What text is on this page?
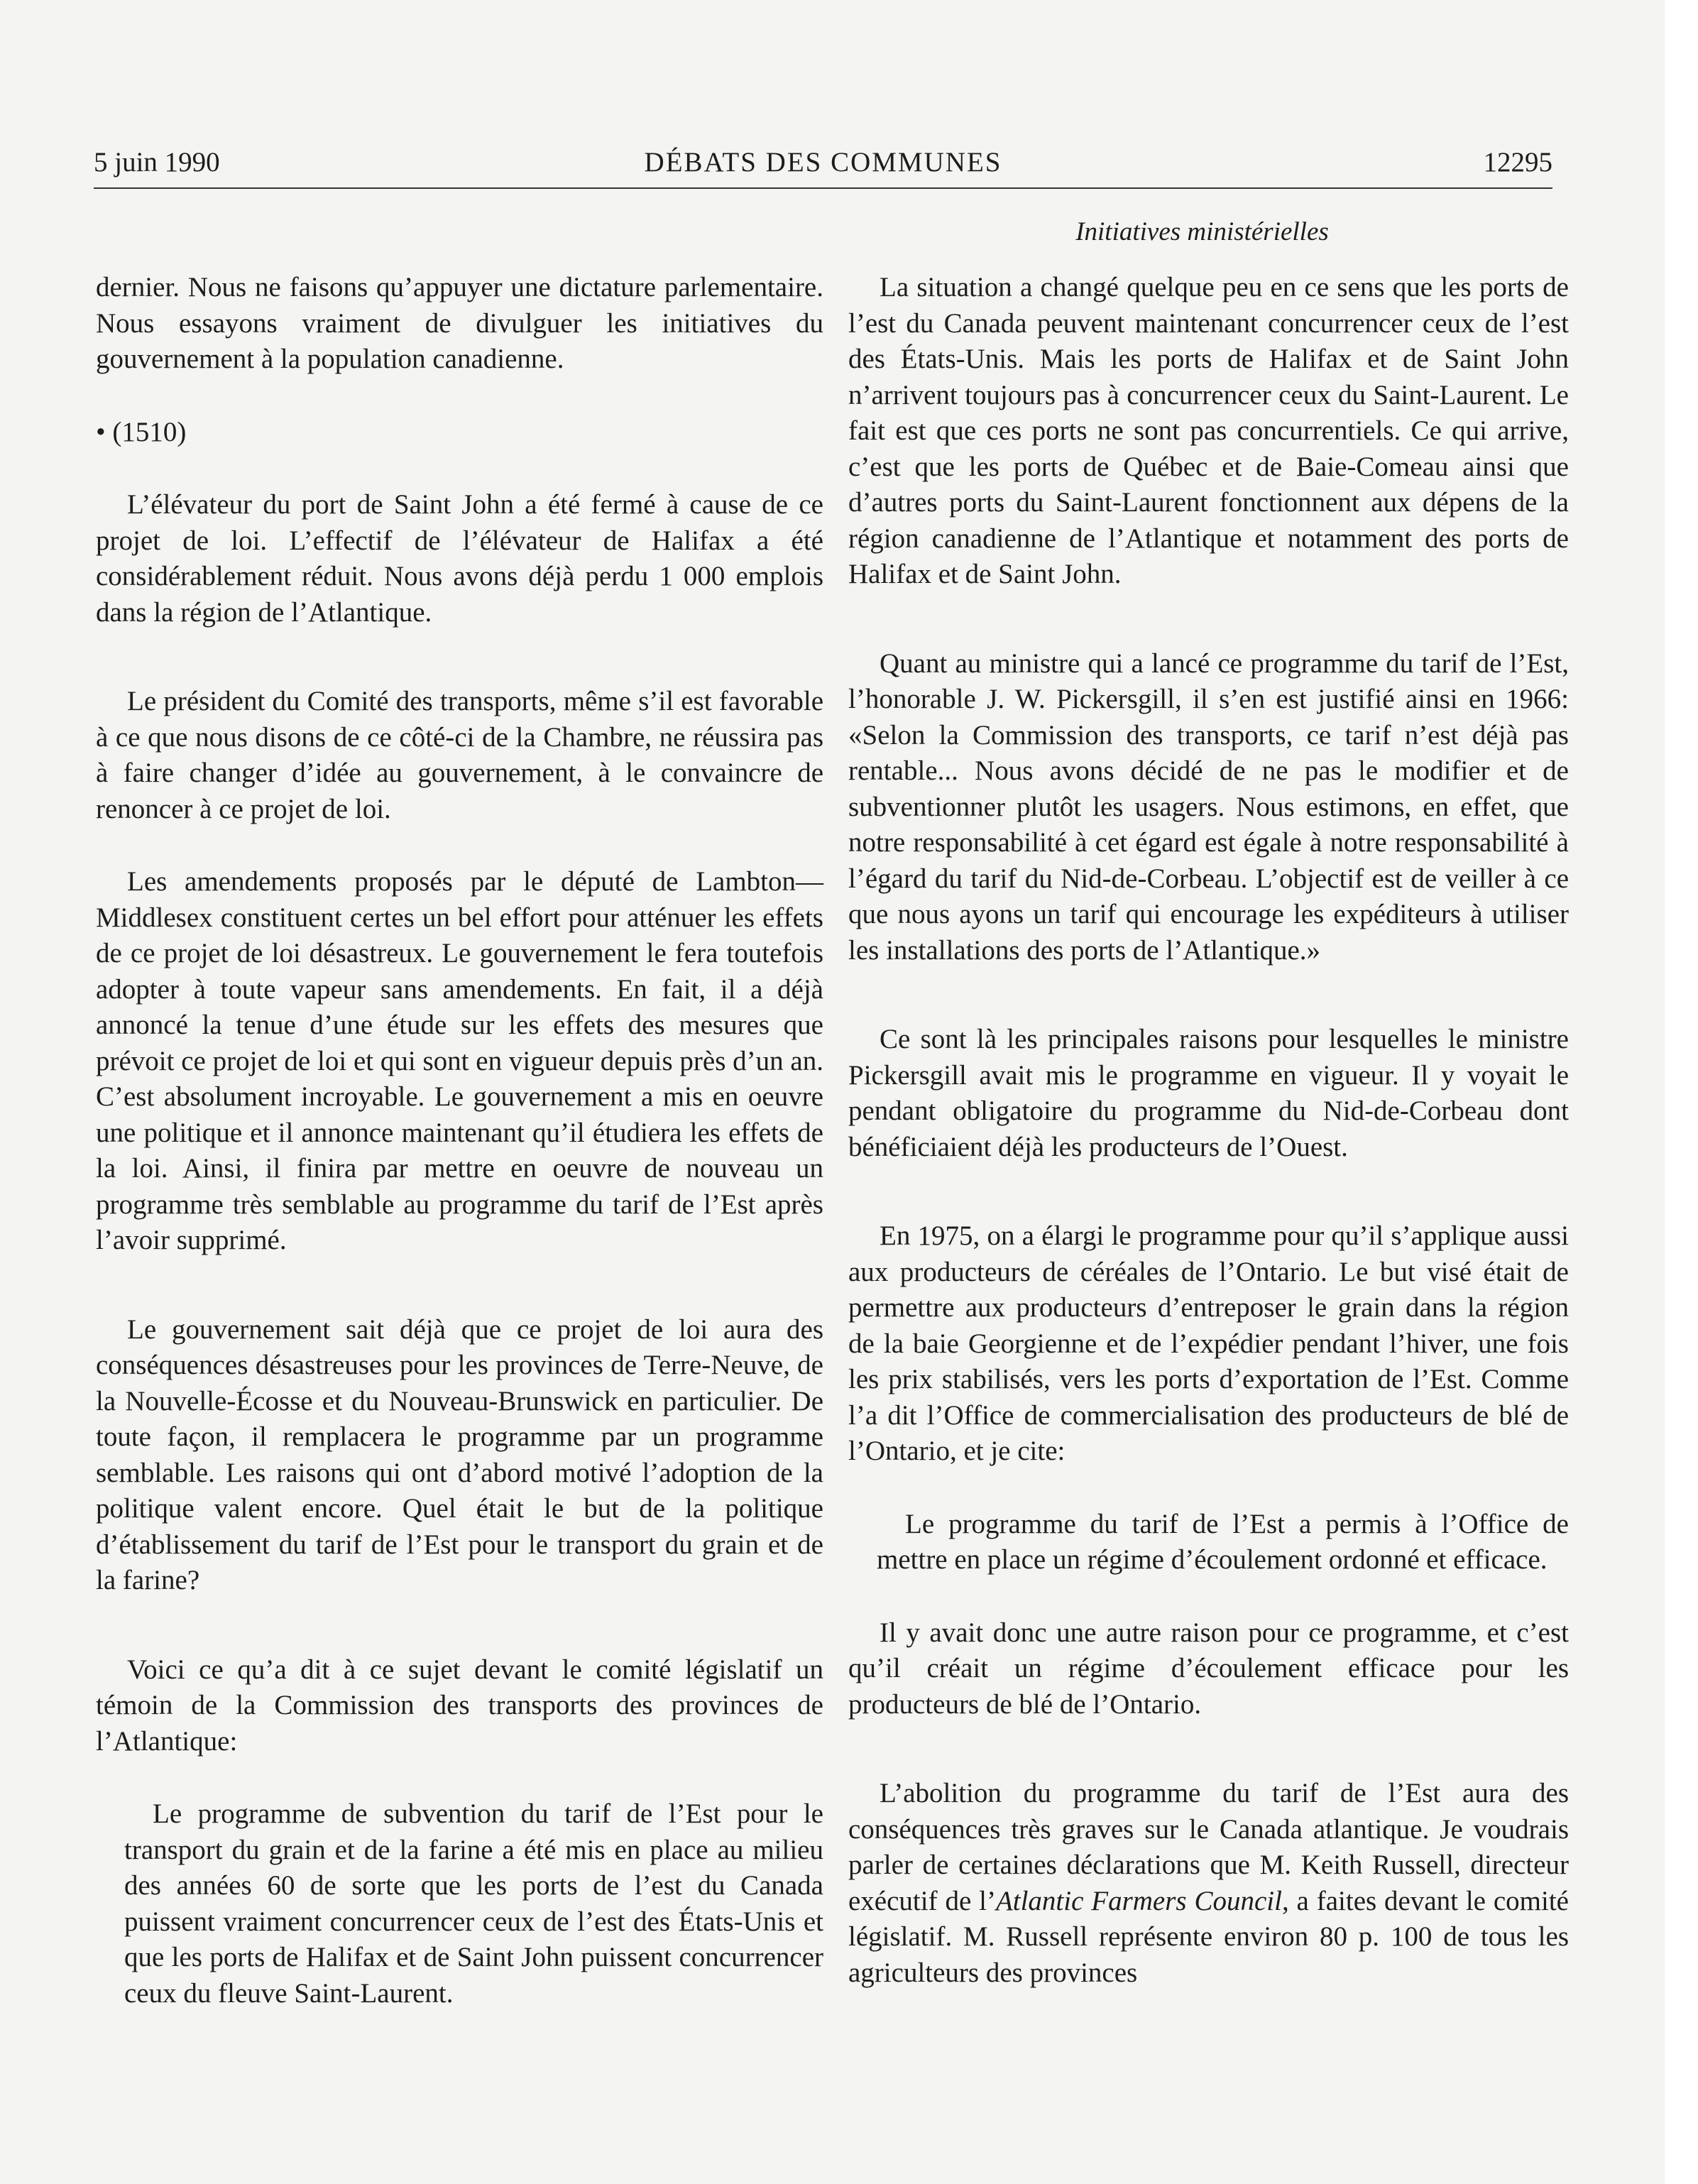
5 juin 1990	DÉBATS DES COMMUNES	12295
Initiatives ministérielles

dernier. Nous ne faisons qu’appuyer une dictature parlementaire. Nous essayons vraiment de divulguer les initiatives du gouvernement à la population canadienne.

• (1510)

L’élévateur du port de Saint John a été fermé à cause de ce projet de loi. L’effectif de l’élévateur de Halifax a été considérablement réduit. Nous avons déjà perdu 1 000 emplois dans la région de l’Atlantique.

Le président du Comité des transports, même s’il est favorable à ce que nous disons de ce côté-ci de la Chambre, ne réussira pas à faire changer d’idée au gouvernement, à le convaincre de renoncer à ce projet de loi.

Les amendements proposés par le député de Lambton—Middlesex constituent certes un bel effort pour atténuer les effets de ce projet de loi désastreux. Le gouvernement le fera toutefois adopter à toute vapeur sans amendements. En fait, il a déjà annoncé la tenue d’une étude sur les effets des mesures que prévoit ce projet de loi et qui sont en vigueur depuis près d’un an. C’est absolument incroyable. Le gouvernement a mis en oeuvre une politique et il annonce maintenant qu’il étudiera les effets de la loi. Ainsi, il finira par mettre en oeuvre de nouveau un programme très semblable au programme du tarif de l’Est après l’avoir supprimé.

Le gouvernement sait déjà que ce projet de loi aura des conséquences désastreuses pour les provinces de Terre-Neuve, de la Nouvelle-Écosse et du Nouveau-Brunswick en particulier. De toute façon, il remplacera le programme par un programme semblable. Les raisons qui ont d’abord motivé l’adoption de la politique valent encore. Quel était le but de la politique d’établissement du tarif de l’Est pour le transport du grain et de la farine?

Voici ce qu’a dit à ce sujet devant le comité législatif un témoin de la Commission des transports des provinces de l’Atlantique:

Le programme de subvention du tarif de l’Est pour le transport du grain et de la farine a été mis en place au milieu des années 60 de sorte que les ports de l’est du Canada puissent vraiment concurrencer ceux de l’est des États-Unis et que les ports de Halifax et de Saint John puissent concurrencer ceux du fleuve Saint-Laurent.

La situation a changé quelque peu en ce sens que les ports de l’est du Canada peuvent maintenant concurrencer ceux de l’est des États-Unis. Mais les ports de Halifax et de Saint John n’arrivent toujours pas à concurrencer ceux du Saint-Laurent. Le fait est que ces ports ne sont pas concurrentiels. Ce qui arrive, c’est que les ports de Québec et de Baie-Comeau ainsi que d’autres ports du Saint-Laurent fonctionnent aux dépens de la région canadienne de l’Atlantique et notamment des ports de Halifax et de Saint John.

Quant au ministre qui a lancé ce programme du tarif de l’Est, l’honorable J. W. Pickersgill, il s’en est justifié ainsi en 1966: «Selon la Commission des transports, ce tarif n’est déjà pas rentable... Nous avons décidé de ne pas le modifier et de subventionner plutôt les usagers. Nous estimons, en effet, que notre responsabilité à cet égard est égale à notre responsabilité à l’égard du tarif du Nid-de-Corbeau. L’objectif est de veiller à ce que nous ayons un tarif qui encourage les expéditeurs à utiliser les installations des ports de l’Atlantique.»

Ce sont là les principales raisons pour lesquelles le ministre Pickersgill avait mis le programme en vigueur. Il y voyait le pendant obligatoire du programme du Nid-de-Corbeau dont bénéficiaient déjà les producteurs de l’Ouest.

En 1975, on a élargi le programme pour qu’il s’applique aussi aux producteurs de céréales de l’Ontario. Le but visé était de permettre aux producteurs d’entreposer le grain dans la région de la baie Georgienne et de l’expédier pendant l’hiver, une fois les prix stabilisés, vers les ports d’exportation de l’Est. Comme l’a dit l’Office de commercialisation des producteurs de blé de l’Ontario, et je cite:

Le programme du tarif de l’Est a permis à l’Office de mettre en place un régime d’écoulement ordonné et efficace.

Il y avait donc une autre raison pour ce programme, et c’est qu’il créait un régime d’écoulement efficace pour les producteurs de blé de l’Ontario.

L’abolition du programme du tarif de l’Est aura des conséquences très graves sur le Canada atlantique. Je voudrais parler de certaines déclarations que M. Keith Russell, directeur exécutif de l’Atlantic Farmers Council, a faites devant le comité législatif. M. Russell représente environ 80 p. 100 de tous les agriculteurs des provinces
